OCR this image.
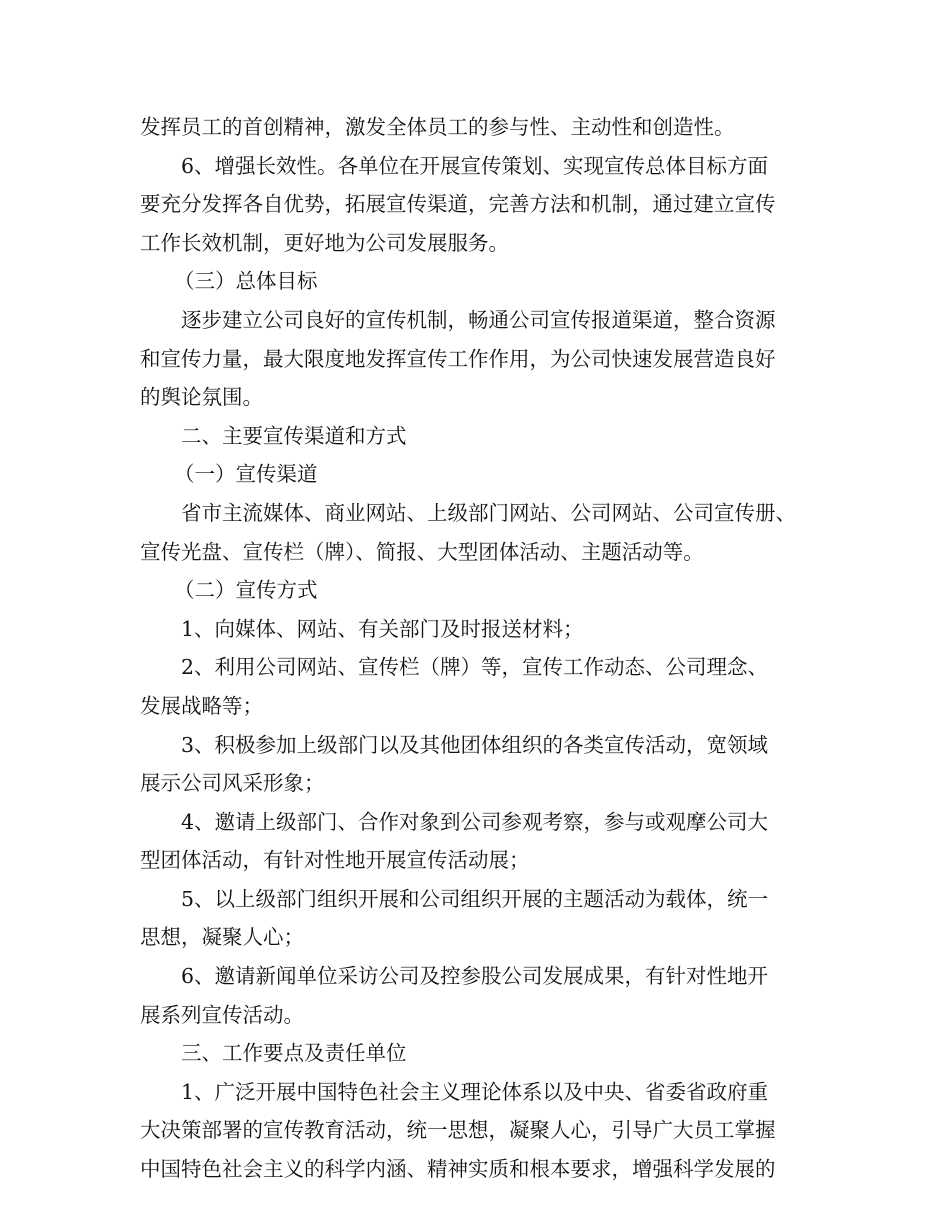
发挥员工的首创精神，激发全体员工的参与性、主动性和创造性。
6、增强长效性。各单位在开展宣传策划、实现宣传总体目标方面
要充分发挥各自优势，拓展宣传渠道，完善方法和机制，通过建立宣传
工作长效机制，更好地为公司发展服务。
（三）总体目标
逐步建立公司良好的宣传机制，畅通公司宣传报道渠道，整合资源
和宣传力量，最大限度地发挥宣传工作作用，为公司快速发展营造良好
的舆论氛围。
二、主要宣传渠道和方式
（一）宣传渠道
省市主流媒体、商业网站、上级部门网站、公司网站、公司宣传册、
宣传光盘、宣传栏（牌）、简报、大型团体活动、主题活动等。
（二）宣传方式
1、向媒体、网站、有关部门及时报送材料；
2、利用公司网站、宣传栏（牌）等，宣传工作动态、公司理念、
发展战略等；
3、积极参加上级部门以及其他团体组织的各类宣传活动，宽领域
展示公司风采形象；
4、邀请上级部门、合作对象到公司参观考察，参与或观摩公司大
型团体活动，有针对性地开展宣传活动展；
5、以上级部门组织开展和公司组织开展的主题活动为载体，统一
思想，凝聚人心；
6、邀请新闻单位采访公司及控参股公司发展成果，有针对性地开
展系列宣传活动。
三、工作要点及责任单位
1、广泛开展中国特色社会主义理论体系以及中央、省委省政府重
大决策部署的宣传教育活动，统一思想，凝聚人心，引导广大员工掌握
中国特色社会主义的科学内涵、精神实质和根本要求，增强科学发展的
